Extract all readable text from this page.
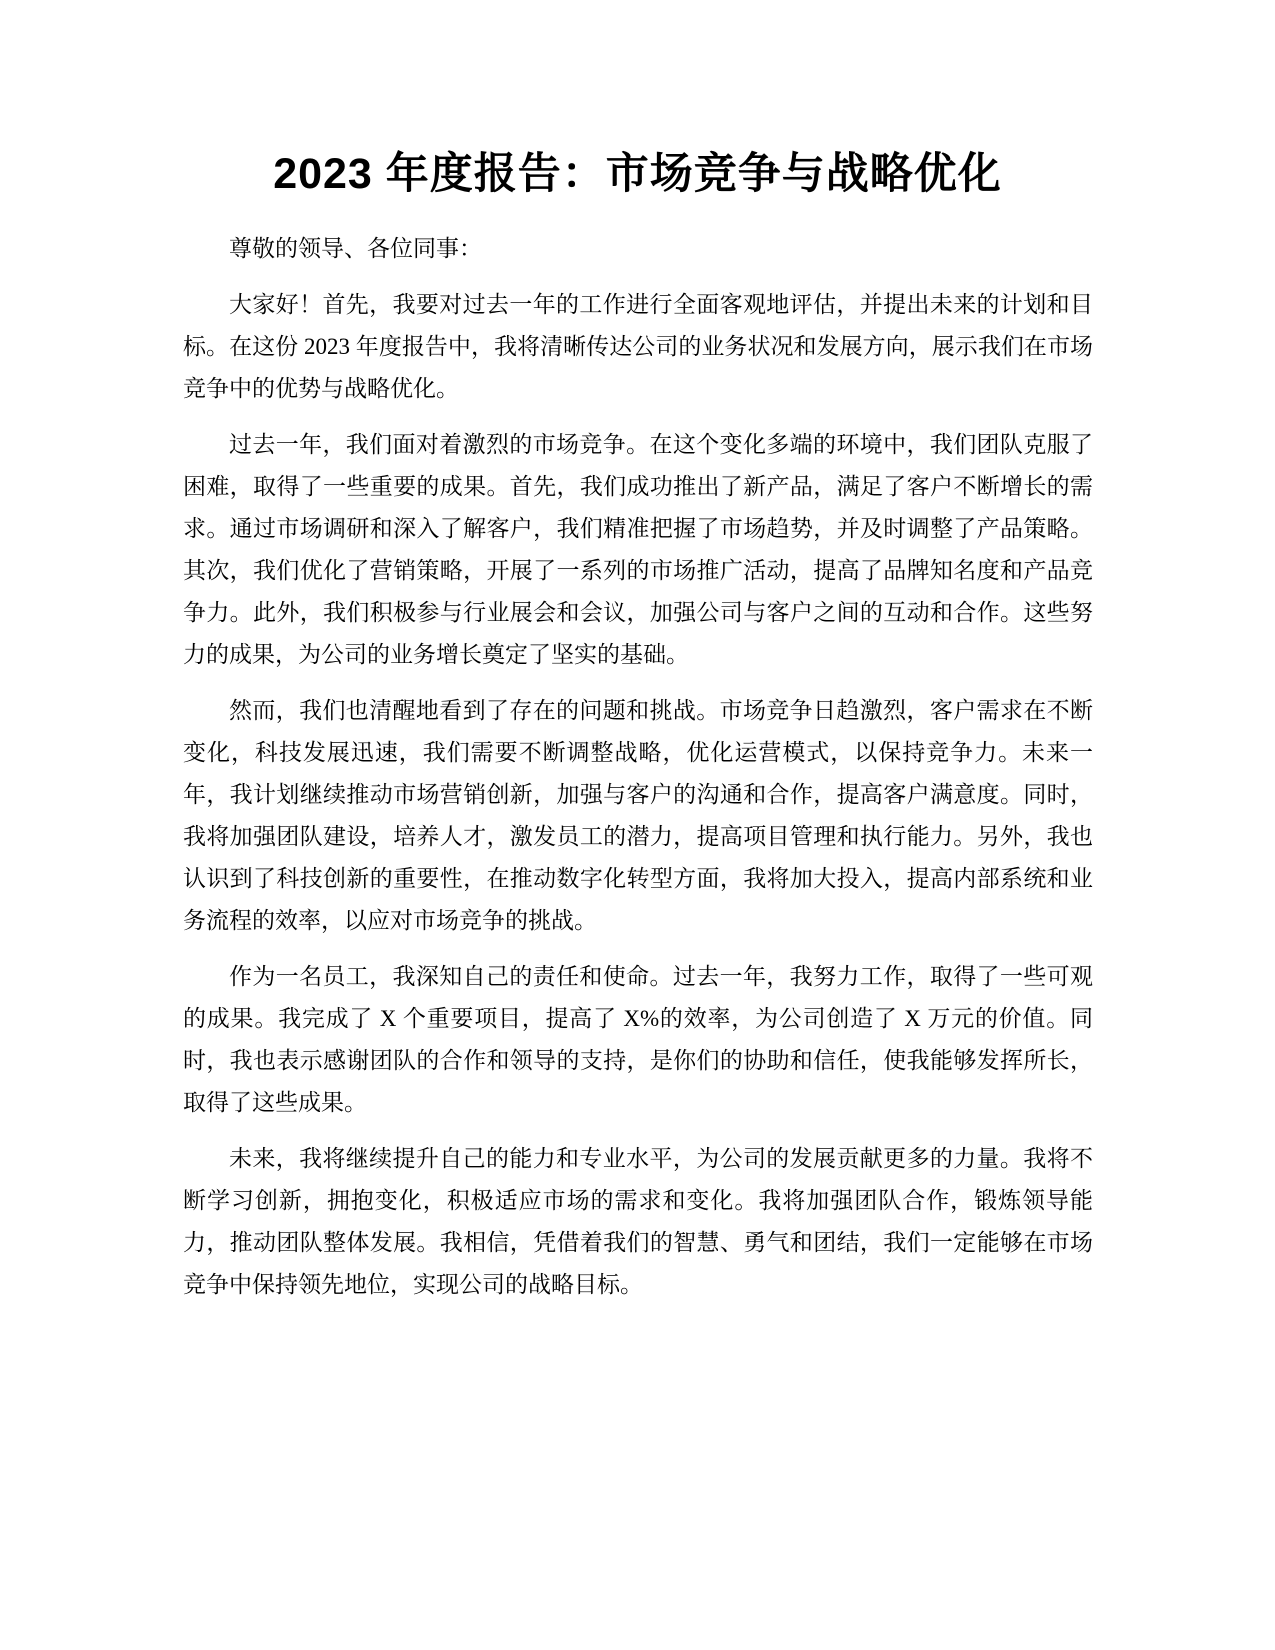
2023 年度报告：市场竞争与战略优化

尊敬的领导、各位同事：

大家好！首先，我要对过去一年的工作进行全面客观地评估，并提出未来的计划和目标。在这份 2023 年度报告中，我将清晰传达公司的业务状况和发展方向，展示我们在市场竞争中的优势与战略优化。

过去一年，我们面对着激烈的市场竞争。在这个变化多端的环境中，我们团队克服了困难，取得了一些重要的成果。首先，我们成功推出了新产品，满足了客户不断增长的需求。通过市场调研和深入了解客户，我们精准把握了市场趋势，并及时调整了产品策略。其次，我们优化了营销策略，开展了一系列的市场推广活动，提高了品牌知名度和产品竞争力。此外，我们积极参与行业展会和会议，加强公司与客户之间的互动和合作。这些努力的成果，为公司的业务增长奠定了坚实的基础。

然而，我们也清醒地看到了存在的问题和挑战。市场竞争日趋激烈，客户需求在不断变化，科技发展迅速，我们需要不断调整战略，优化运营模式，以保持竞争力。未来一年，我计划继续推动市场营销创新，加强与客户的沟通和合作，提高客户满意度。同时，我将加强团队建设，培养人才，激发员工的潜力，提高项目管理和执行能力。另外，我也认识到了科技创新的重要性，在推动数字化转型方面，我将加大投入，提高内部系统和业务流程的效率，以应对市场竞争的挑战。

作为一名员工，我深知自己的责任和使命。过去一年，我努力工作，取得了一些可观的成果。我完成了 X 个重要项目，提高了 X%的效率，为公司创造了 X 万元的价值。同时，我也表示感谢团队的合作和领导的支持，是你们的协助和信任，使我能够发挥所长，取得了这些成果。

未来，我将继续提升自己的能力和专业水平，为公司的发展贡献更多的力量。我将不断学习创新，拥抱变化，积极适应市场的需求和变化。我将加强团队合作，锻炼领导能力，推动团队整体发展。我相信，凭借着我们的智慧、勇气和团结，我们一定能够在市场竞争中保持领先地位，实现公司的战略目标。
